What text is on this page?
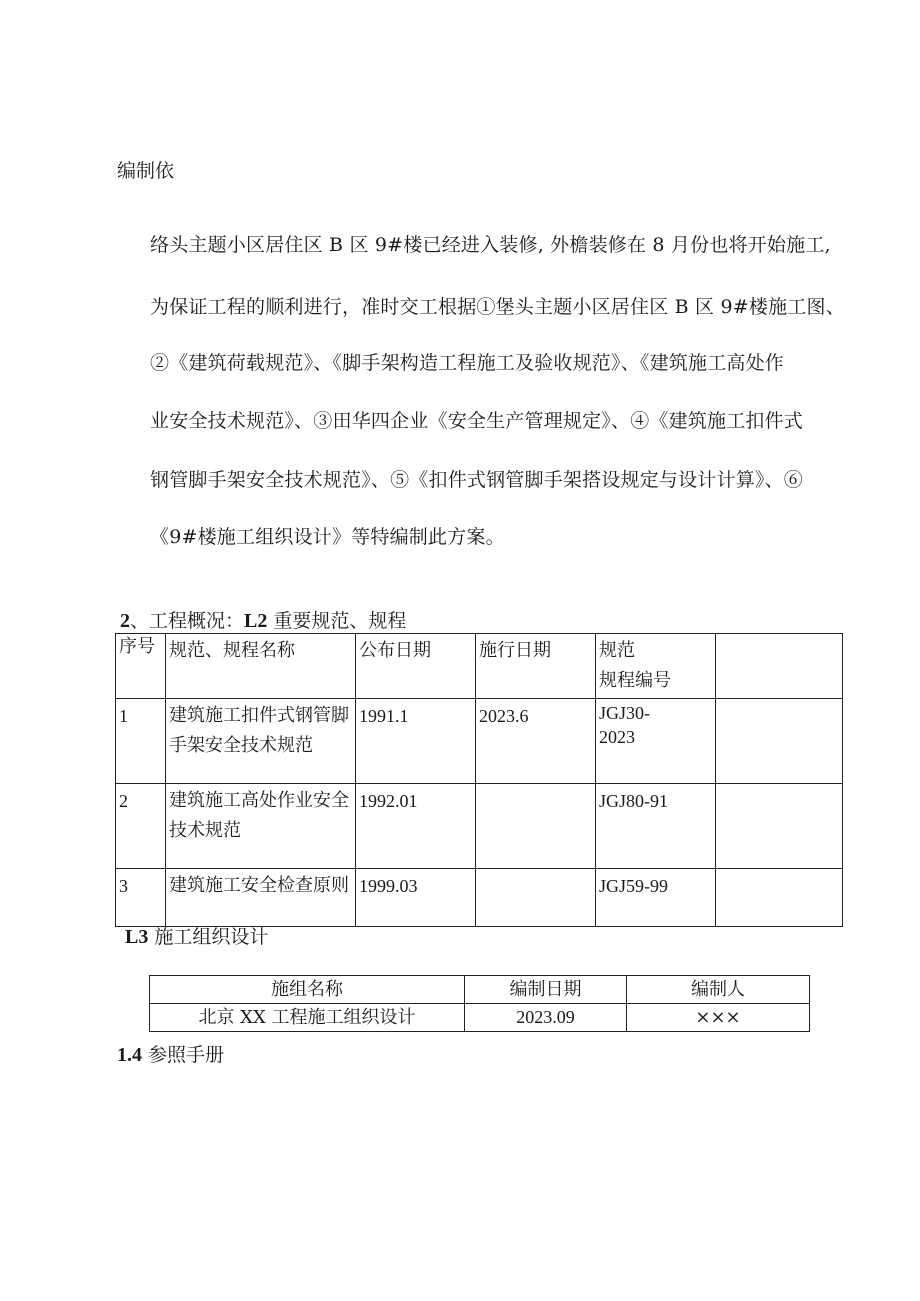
编制依
络头主题小区居住区 B 区 9#楼已经进入装修, 外檐装修在 8 月份也将开始施工,
为保证工程的顺利进行，准时交工根据①堡头主题小区居住区 B 区 9#楼施工图、
②《建筑荷载规范》、《脚手架构造工程施工及验收规范》、《建筑施工高处作
业安全技术规范》、③田华四企业《安全生产管理规定》、④《建筑施工扣件式
钢管脚手架安全技术规范》、⑤《扣件式钢管脚手架搭设规定与设计计算》、⑥
《9#楼施工组织设计》等特编制此方案。
2、工程概况：L2 重要规范、规程
序号	规范、规程名称	公布日期	施行日期	规范
规程编号	
1	建筑施工扣件式钢管脚手架安全技术规范	1991.1	2023.6	JGJ30-
2023	
2	建筑施工高处作业安全技术规范	1992.01		JGJ80-91	
3	建筑施工安全检查原则	1999.03		JGJ59-99	
L3 施工组织设计
施组名称	编制日期	编制人
北京 XX 工程施工组织设计	2023.09	×××
1.4 参照手册
